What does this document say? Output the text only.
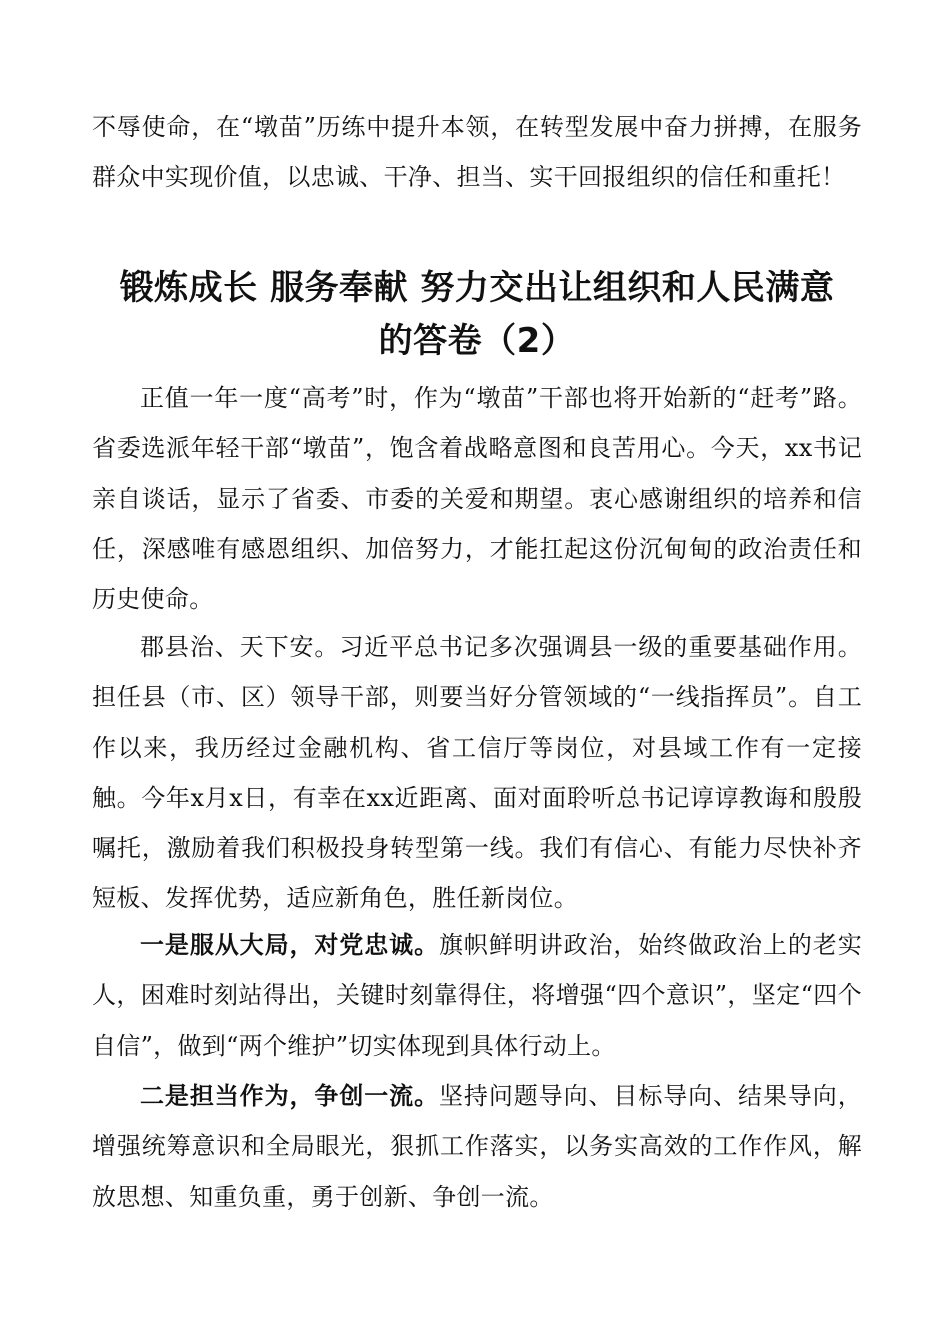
不辱使命，在“墩苗”历练中提升本领，在转型发展中奋力拼搏，在服务群众中实现价值，以忠诚、干净、担当、实干回报组织的信任和重托！

锻炼成长 服务奉献 努力交出让组织和人民满意
的答卷（2）

正值一年一度“高考”时，作为“墩苗”干部也将开始新的“赶考”路。省委选派年轻干部“墩苗”，饱含着战略意图和良苦用心。今天，xx书记亲自谈话，显示了省委、市委的关爱和期望。衷心感谢组织的培养和信任，深感唯有感恩组织、加倍努力，才能扛起这份沉甸甸的政治责任和历史使命。

郡县治、天下安。习近平总书记多次强调县一级的重要基础作用。担任县（市、区）领导干部，则要当好分管领域的“一线指挥员”。自工作以来，我历经过金融机构、省工信厅等岗位，对县域工作有一定接触。今年x月x日，有幸在xx近距离、面对面聆听总书记谆谆教诲和殷殷嘱托，激励着我们积极投身转型第一线。我们有信心、有能力尽快补齐短板、发挥优势，适应新角色，胜任新岗位。

一是服从大局，对党忠诚。旗帜鲜明讲政治，始终做政治上的老实人，困难时刻站得出，关键时刻靠得住，将增强“四个意识”，坚定“四个自信”，做到“两个维护”切实体现到具体行动上。

二是担当作为，争创一流。坚持问题导向、目标导向、结果导向，增强统筹意识和全局眼光，狠抓工作落实，以务实高效的工作作风，解放思想、知重负重，勇于创新、争创一流。
